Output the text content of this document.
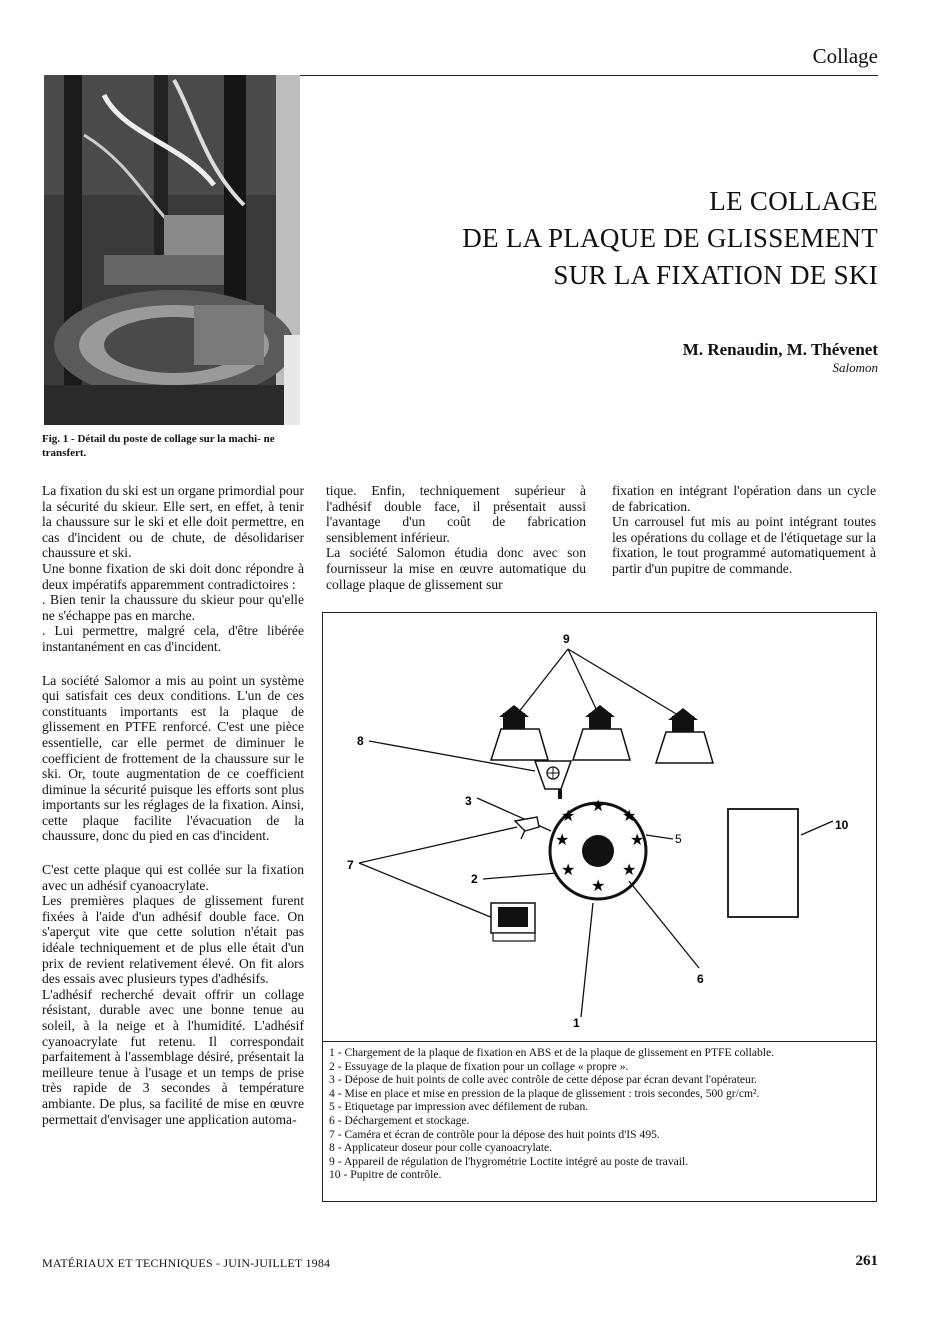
Collage
Fig. 1 - Détail du poste de collage sur la machi- ne transfert.
LE COLLAGE
DE LA PLAQUE DE GLISSEMENT
SUR LA FIXATION DE SKI
M. Renaudin, M. Thévenet
Salomon

La fixation du ski est un organe primordial pour la sécurité du skieur. Elle sert, en effet, à tenir la chaussure sur le ski et elle doit permettre, en cas d'incident ou de chute, de désolidariser chaussure et ski.

Une bonne fixation de ski doit donc répondre à deux impératifs apparemment contradictoires :

. Bien tenir la chaussure du skieur pour qu'elle ne s'échappe pas en marche.

. Lui permettre, malgré cela, d'être libérée instantanément en cas d'incident.

La société Salomor a mis au point un système qui satisfait ces deux conditions. L'un de ces constituants importants est la plaque de glissement en PTFE renforcé. C'est une pièce essentielle, car elle permet de diminuer le coefficient de frottement de la chaussure sur le ski. Or, toute augmentation de ce coefficient diminue la sécurité puisque les efforts sont plus importants sur les réglages de la fixation. Ainsi, cette plaque facilite l'évacuation de la chaussure, donc du pied en cas d'incident.

C'est cette plaque qui est collée sur la fixation avec un adhésif cyanoacrylate.

Les premières plaques de glissement furent fixées à l'aide d'un adhésif double face. On s'aperçut vite que cette solution n'était pas idéale techniquement et de plus elle était d'un prix de revient relativement élevé. On fit alors des essais avec plusieurs types d'adhésifs.

L'adhésif recherché devait offrir un collage résistant, durable avec une bonne tenue au soleil, à la neige et à l'humidité. L'adhésif cyanoacrylate fut retenu. Il correspondait parfaitement à l'assemblage désiré, présentait la meilleure tenue à l'usage et un temps de prise très rapide de 3 secondes à température ambiante. De plus, sa facilité de mise en œuvre permettait d'envisager une application automa-

tique. Enfin, techniquement supérieur à l'adhésif double face, il présentait aussi l'avantage d'un coût de fabrication sensiblement inférieur.

La société Salomon étudia donc avec son fournisseur la mise en œuvre automatique du collage plaque de glissement sur

fixation en intégrant l'opération dans un cycle de fabrication.

Un carrousel fut mis au point intégrant toutes les opérations du collage et de l'étiquetage sur la fixation, le tout programmé automatiquement à partir d'un pupitre de commande.

9
8
3	★
★
★
★
★
★
★
★
5
10
7
2
6
1
1 - Chargement de la plaque de fixation en ABS et de la plaque de glissement en PTFE collable.
2 - Essuyage de la plaque de fixation pour un collage « propre ».
3 - Dépose de huit points de colle avec contrôle de cette dépose par écran devant l'opérateur.
4 - Mise en place et mise en pression de la plaque de glissement : trois secondes, 500 gr/cm².
5 - Etiquetage par impression avec défilement de ruban.
6 - Déchargement et stockage.
7 - Caméra et écran de contrôle pour la dépose des huit points d'IS 495.
8 - Applicateur doseur pour colle cyanoacrylate.
9 - Appareil de régulation de l'hygrométrie Loctite intégré au poste de travail.
10 - Pupitre de contrôle.
MATÉRIAUX ET TECHNIQUES - JUIN-JUILLET 1984	261
